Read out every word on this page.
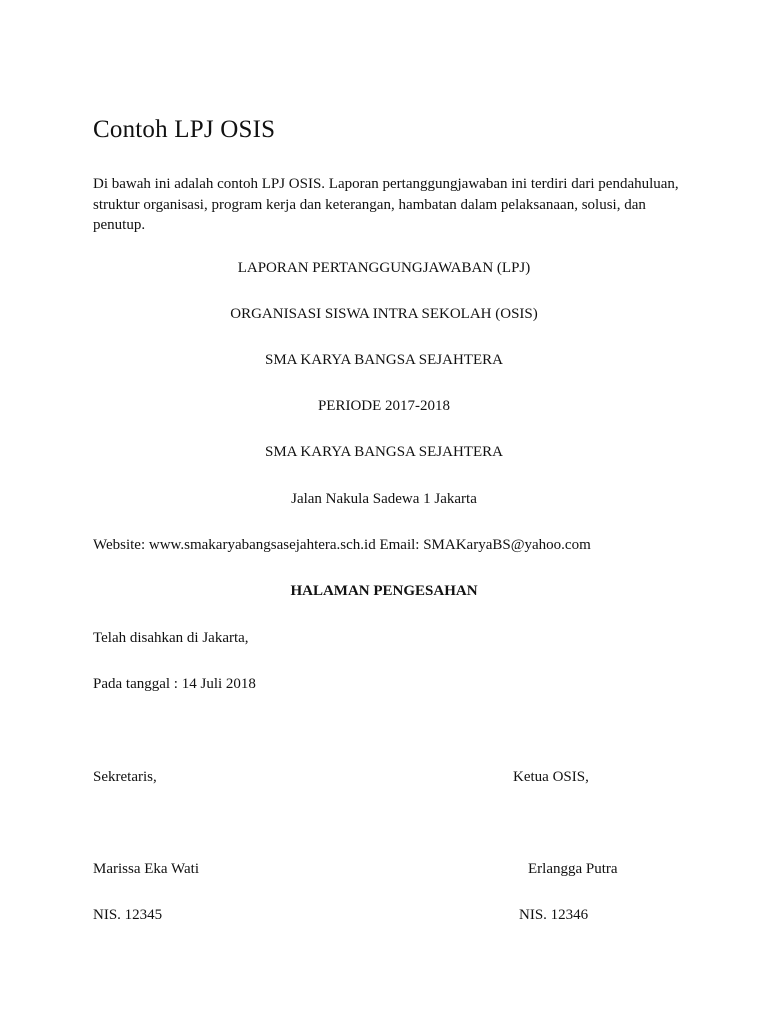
Contoh LPJ OSIS

Di bawah ini adalah contoh LPJ OSIS. Laporan pertanggungjawaban ini terdiri dari pendahuluan, struktur organisasi, program kerja dan keterangan, hambatan dalam pelaksanaan, solusi, dan penutup.

LAPORAN PERTANGGUNGJAWABAN (LPJ)

ORGANISASI SISWA INTRA SEKOLAH (OSIS)

SMA KARYA BANGSA SEJAHTERA

PERIODE 2017-2018

SMA KARYA BANGSA SEJAHTERA

Jalan Nakula Sadewa 1 Jakarta

Website: www.smakaryabangsasejahtera.sch.id Email: SMAKaryaBS@yahoo.com

HALAMAN PENGESAHAN

Telah disahkan di Jakarta,

Pada tanggal : 14 Juli 2018

Sekretaris,	Ketua OSIS,

Marissa Eka Wati	Erlangga Putra

NIS. 12345	NIS. 12346
